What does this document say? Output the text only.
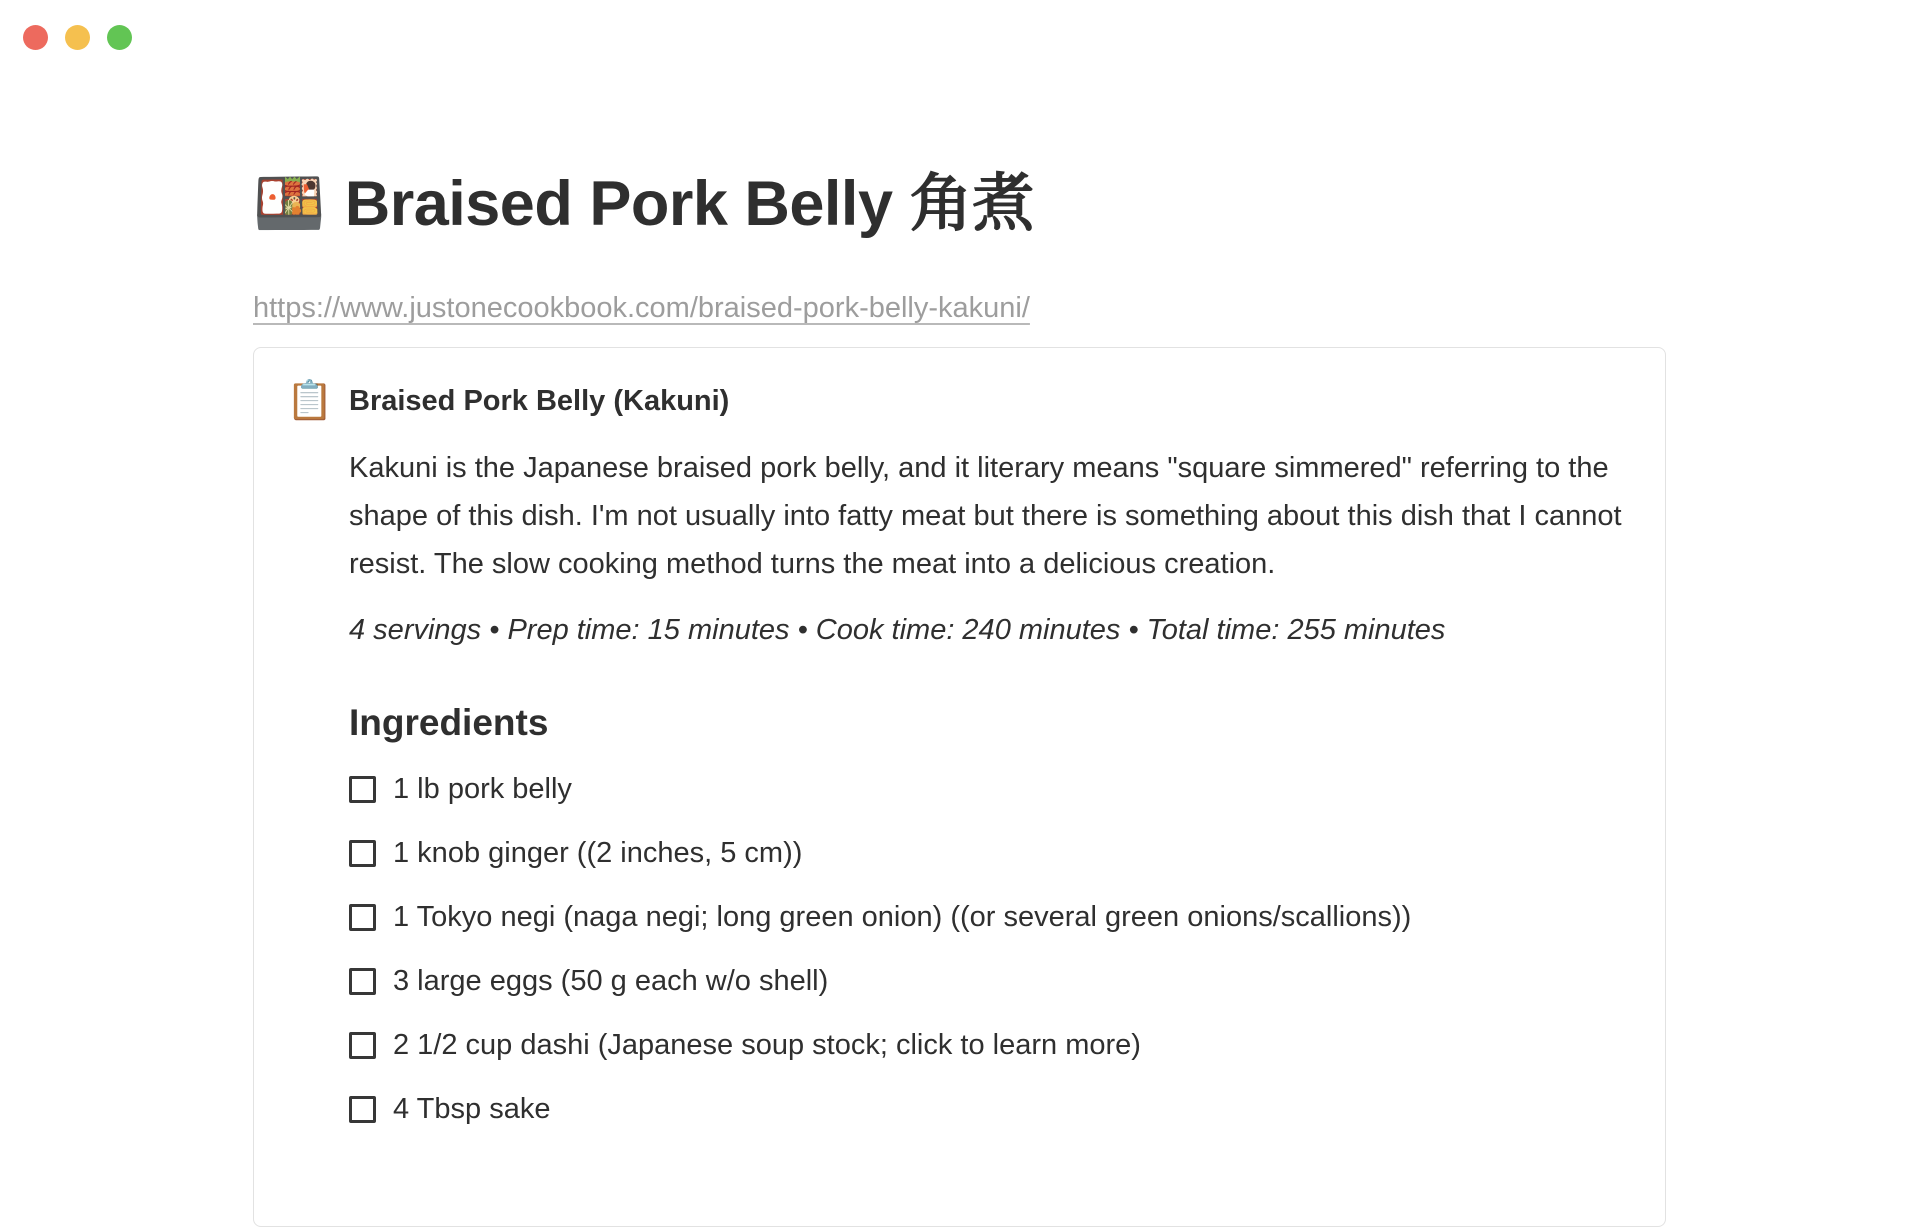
🍱 Braised Pork Belly 角煮
https://www.justonecookbook.com/braised-pork-belly-kakuni/
📋 Braised Pork Belly (Kakuni)

Kakuni is the Japanese braised pork belly, and it literary means "square simmered" referring to the shape of this dish. I'm not usually into fatty meat but there is something about this dish that I cannot resist. The slow cooking method turns the meat into a delicious creation.

4 servings • Prep time: 15 minutes • Cook time: 240 minutes • Total time: 255 minutes

Ingredients
1 lb pork belly
1 knob ginger ((2 inches, 5 cm))
1 Tokyo negi (naga negi; long green onion) ((or several green onions/scallions))
3 large eggs (50 g each w/o shell)
2 1/2 cup dashi (Japanese soup stock; click to learn more)
4 Tbsp sake
